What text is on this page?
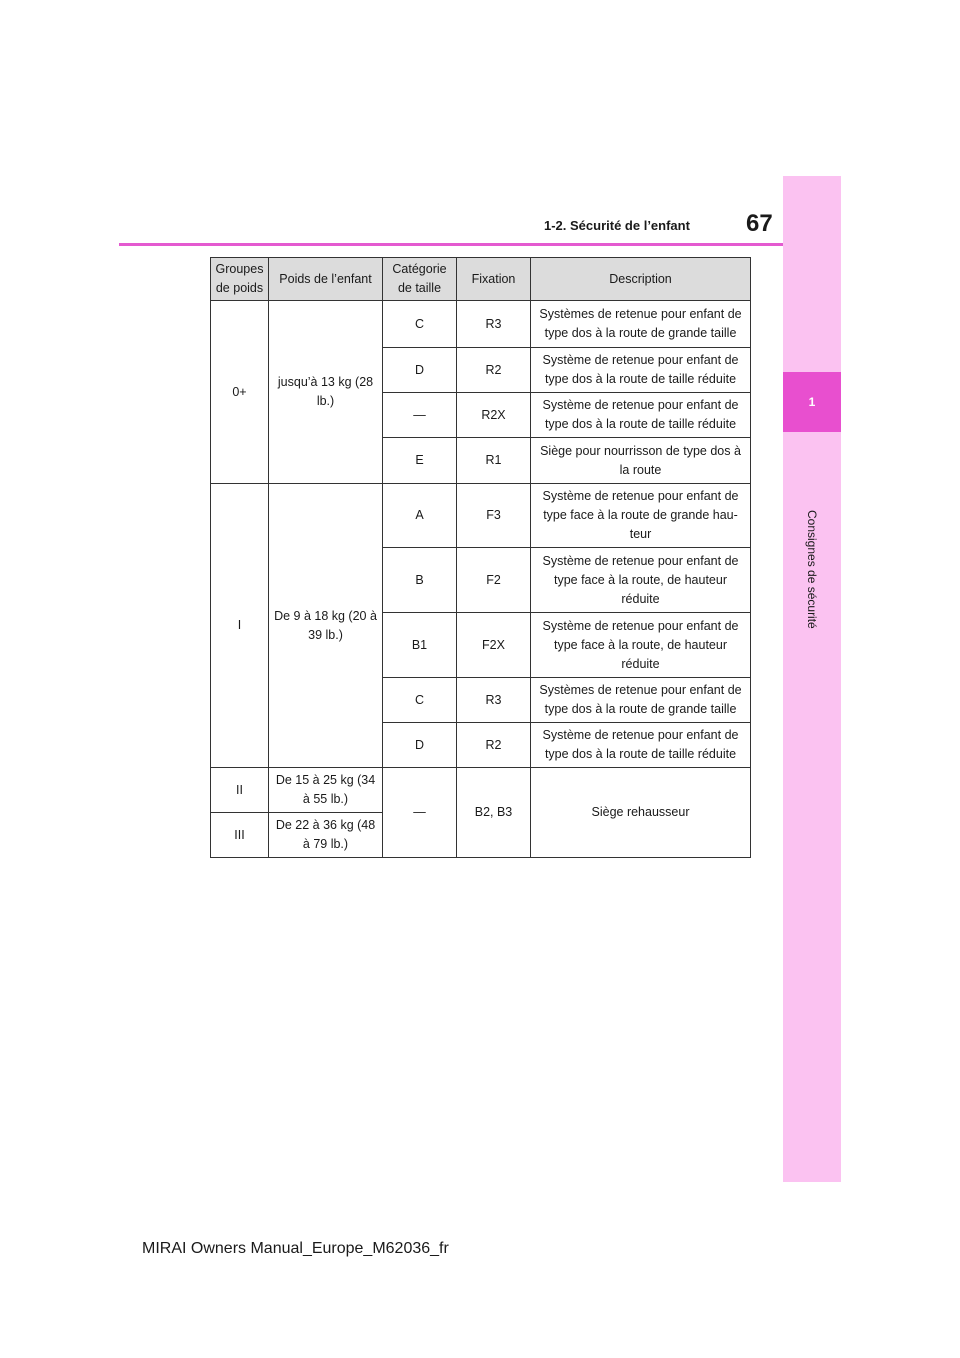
1
Consignes de sécurité
1-2. Sécurité de l’enfant 67
Groupes de poids	Poids de l’enfant	Catégorie de taille	Fixation	Description
0+	jusqu’à 13 kg (28 lb.)	C	R3	Systèmes de retenue pour enfant de type dos à la route de grande taille
		D	R2	Système de retenue pour enfant de type dos à la route de taille réduite
		—	R2X	Système de retenue pour enfant de type dos à la route de taille réduite
		E	R1	Siège pour nourrisson de type dos à la route
I	De 9 à 18 kg (20 à 39 lb.)	A	F3	Système de retenue pour enfant de type face à la route de grande hau- teur
		B	F2	Système de retenue pour enfant de type face à la route, de hauteur réduite
		B1	F2X	Système de retenue pour enfant de type face à la route, de hauteur réduite
		C	R3	Systèmes de retenue pour enfant de type dos à la route de grande taille
		D	R2	Système de retenue pour enfant de type dos à la route de taille réduite
II	De 15 à 25 kg (34 à 55 lb.)	—	B2, B3	Siège rehausseur
III	De 22 à 36 kg (48 à 79 lb.)			
MIRAI Owners Manual_Europe_M62036_fr
